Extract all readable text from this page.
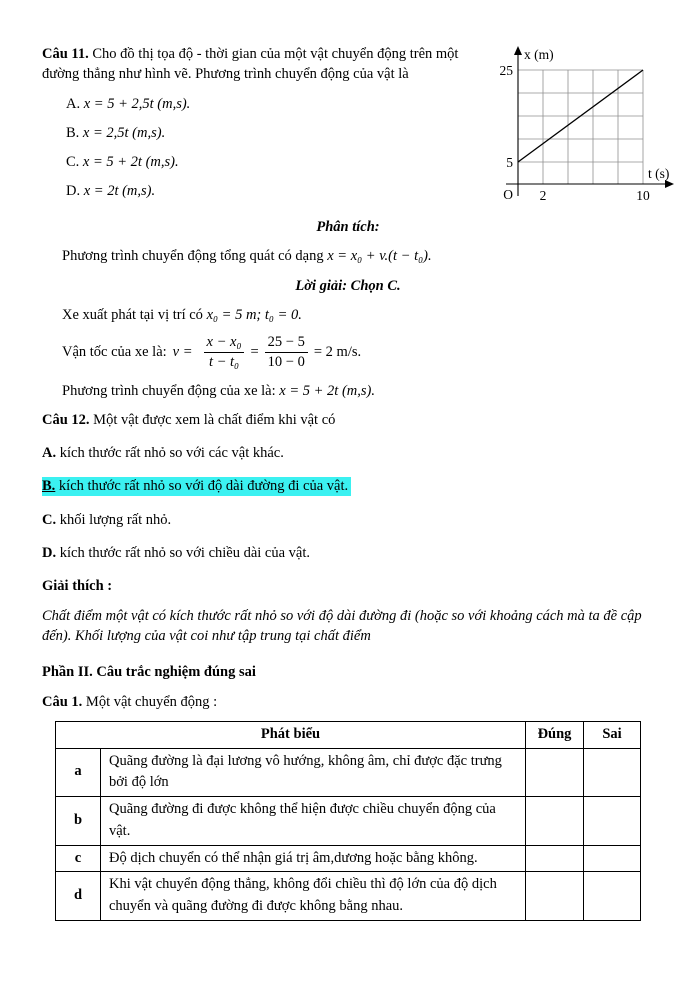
Câu 11. Cho đồ thị tọa độ - thời gian của một vật chuyển động trên một đường thẳng như hình vẽ. Phương trình chuyển động của vật là

A. x = 5 + 2,5t (m,s).

B. x = 2,5t (m,s).

C. x = 5 + 2t (m,s).

D. x = 2t (m,s).

x (m)
25
5
O 2	10
t (s)

Phân tích:

Phương trình chuyển động tổng quát có dạng x = x₀ + v.(t − t₀).

Lời giải: Chọn C.

Xe xuất phát tại vị trí có x₀ = 5 m; t₀ = 0.

Vận tốc của xe là: $v = \frac{\text{x − x₀}}{\text{t − t₀}} = \frac{25 - 5}{10 - 0} = 2$ m/s.

Phương trình chuyển động của xe là: x = 5 + 2t (m,s).

Câu 12. Một vật được xem là chất điểm khi vật có

A. kích thước rất nhỏ so với các vật khác.

B. kích thước rất nhỏ so với độ dài đường đi của vật.

C. khối lượng rất nhỏ.

D. kích thước rất nhỏ so với chiều dài của vật.

Giải thích :

Chất điểm một vật có kích thước rất nhỏ so với độ dài đường đi (hoặc so với khoảng cách mà ta đề cập đến). Khối lượng của vật coi như tập trung tại chất điểm

Phần II. Câu trắc nghiệm đúng sai

Câu 1. Một vật chuyển động :

Phát biểu		Đúng	Sai
a	Quãng đường là đại lương vô hướng, không âm, chỉ được đặc trưng bởi độ lớn		
b	Quãng đường đi được không thể hiện được chiều chuyển động của vật.		
c	Độ dịch chuyển có thể nhận giá trị âm,dương hoặc bằng không.		
d	Khi vật chuyển động thẳng, không đổi chiều thì độ lớn của độ dịch chuyển và quãng đường đi được không bằng nhau.		
